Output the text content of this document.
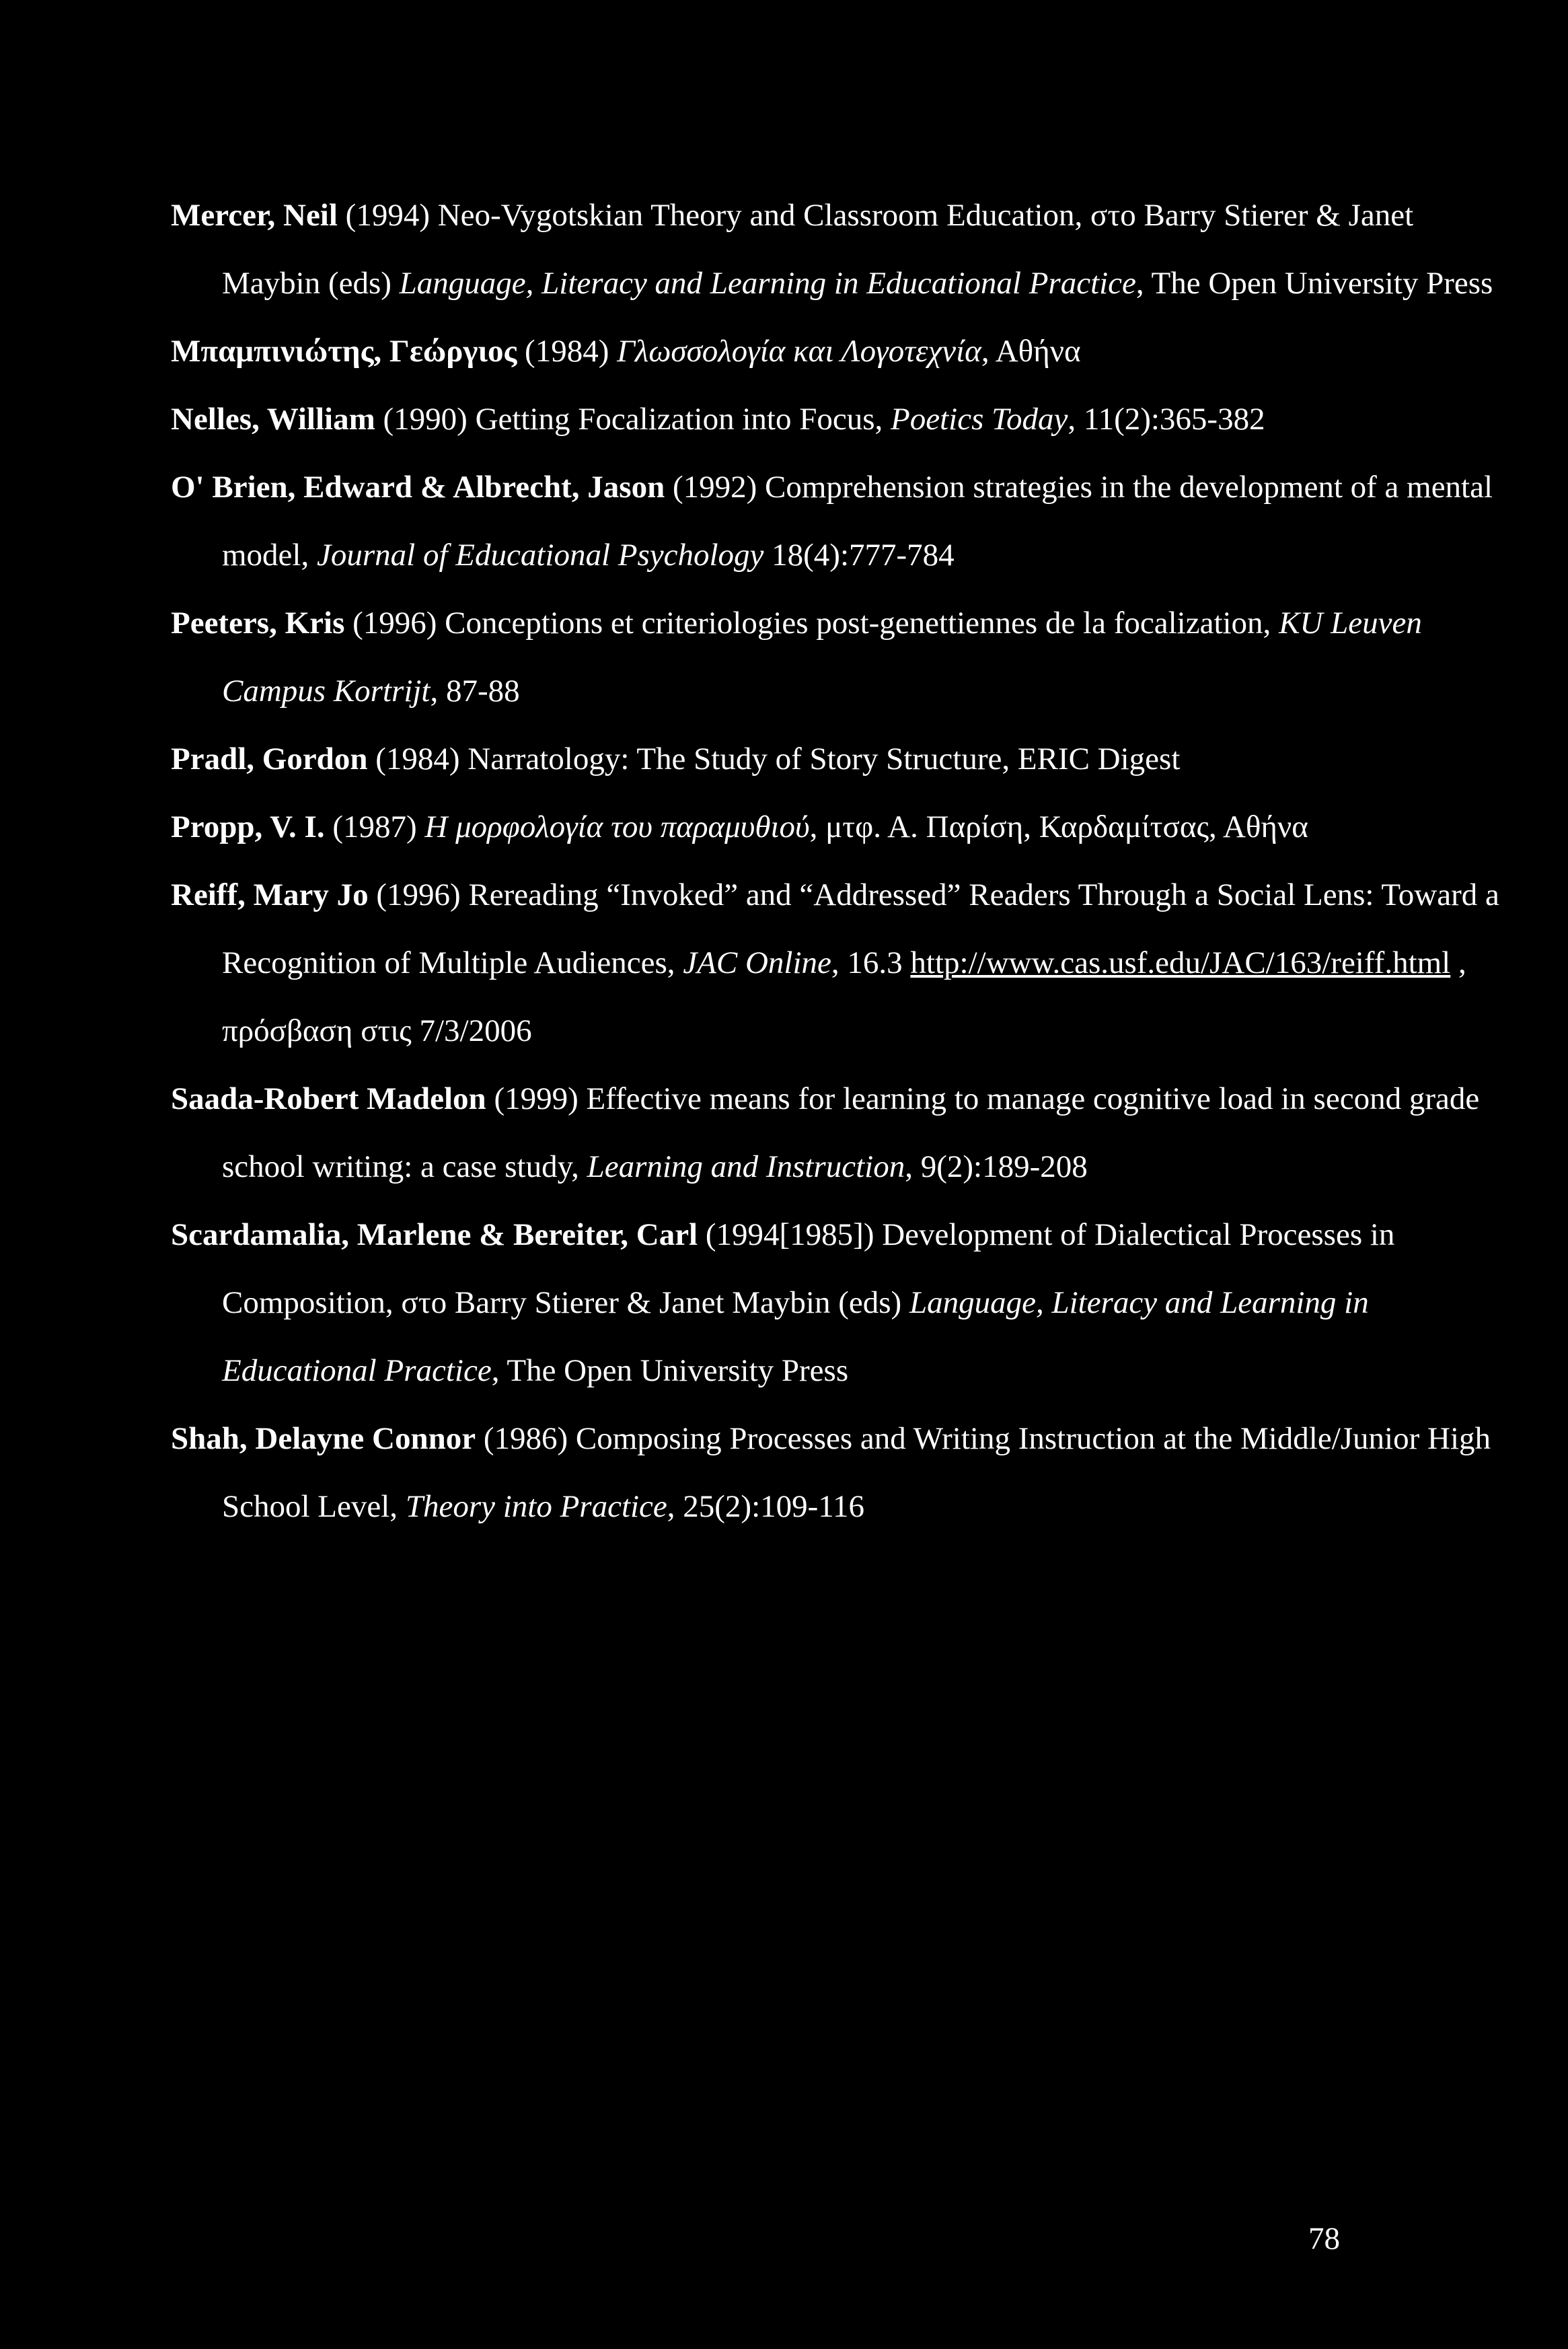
Mercer, Neil (1994) Neo-Vygotskian Theory and Classroom Education, στο Barry Stierer & Janet Maybin (eds) Language, Literacy and Learning in Educational Practice, The Open University Press
Μπαμπινιώτης, Γεώργιος (1984) Γλωσσολογία και Λογοτεχνία, Αθήνα
Nelles, William (1990) Getting Focalization into Focus, Poetics Today, 11(2):365-382
O' Brien, Edward & Albrecht, Jason (1992) Comprehension strategies in the development of a mental model, Journal of Educational Psychology 18(4):777-784
Peeters, Kris (1996) Conceptions et criteriologies post-genettiennes de la focalization, KU Leuven Campus Kortrijt, 87-88
Pradl, Gordon (1984) Narratology: The Study of Story Structure, ERIC Digest
Propp, V. I. (1987) Η μορφολογία του παραμυθιού, μτφ. Α. Παρίση, Καρδαμίτσας, Αθήνα
Reiff, Mary Jo (1996) Rereading “Invoked” and “Addressed” Readers Through a Social Lens: Toward a Recognition of Multiple Audiences, JAC Online, 16.3 http://www.cas.usf.edu/JAC/163/reiff.html , πρόσβαση στις 7/3/2006
Saada-Robert Madelon (1999) Effective means for learning to manage cognitive load in second grade school writing: a case study, Learning and Instruction, 9(2):189-208
Scardamalia, Marlene & Bereiter, Carl (1994[1985]) Development of Dialectical Processes in Composition, στο Barry Stierer & Janet Maybin (eds) Language, Literacy and Learning in Educational Practice, The Open University Press
Shah, Delayne Connor (1986) Composing Processes and Writing Instruction at the Middle/Junior High School Level, Theory into Practice, 25(2):109-116
78
